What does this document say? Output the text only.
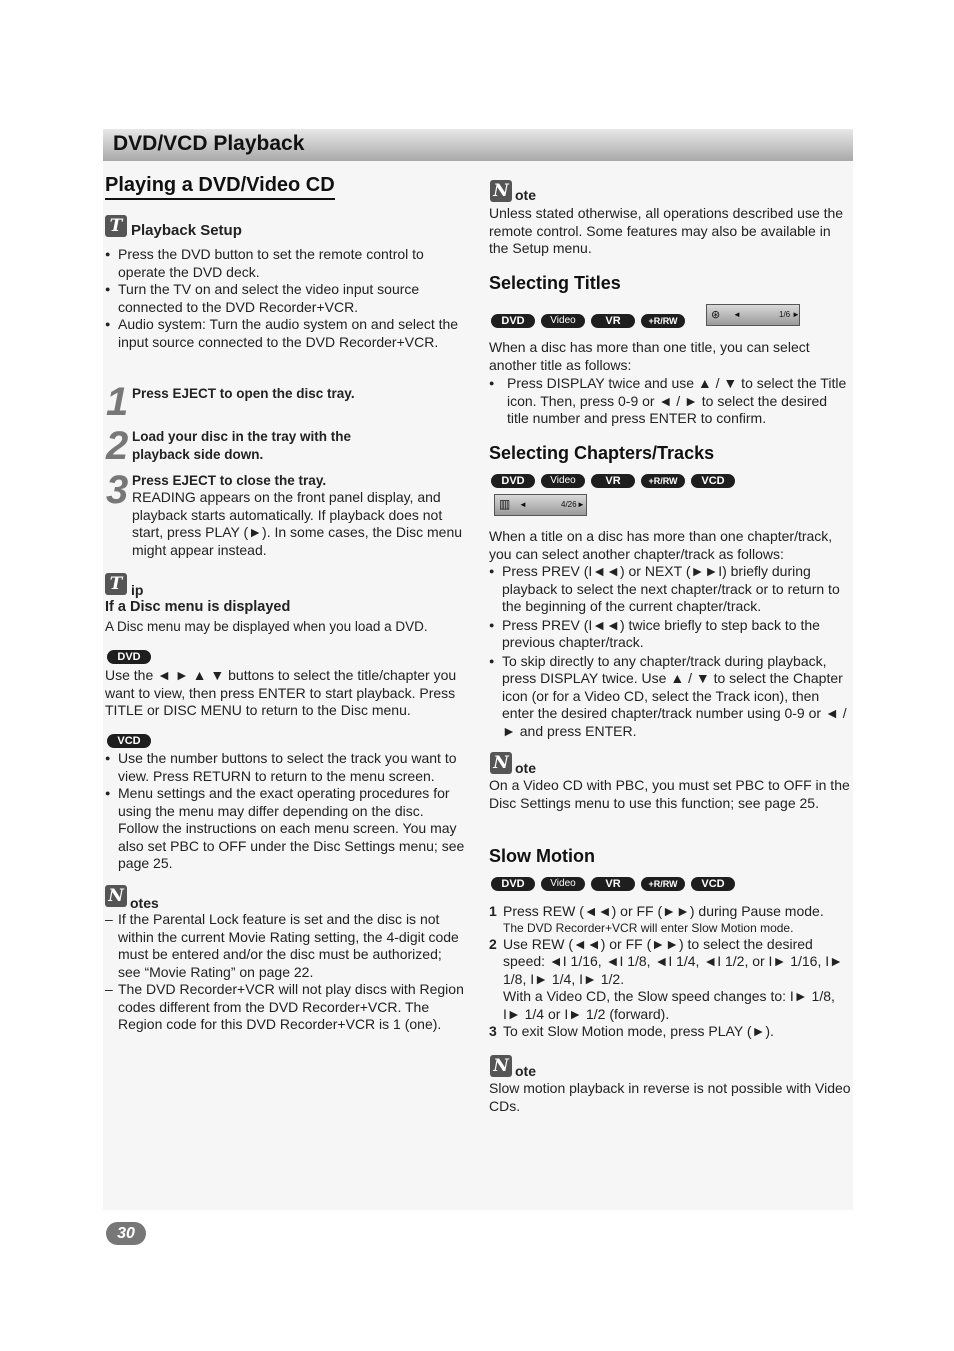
DVD/VCD Playback
Playing a DVD/Video CD
T Playback Setup
● Press the DVD button to set the remote control to operate the DVD deck.
● Turn the TV on and select the video input source connected to the DVD Recorder+VCR.
● Audio system: Turn the audio system on and select the input source connected to the DVD Recorder+VCR.
1 Press EJECT to open the disc tray.
2 Load your disc in the tray with the playback side down.
3 Press EJECT to close the tray.
READING appears on the front panel display, and playback starts automatically. If playback does not start, press PLAY (►). In some cases, the Disc menu might appear instead.
T ip
If a Disc menu is displayed
A Disc menu may be displayed when you load a DVD.
DVD
Use the ◄ ► ▲ ▼ buttons to select the title/chapter you want to view, then press ENTER to start playback. Press TITLE or DISC MENU to return to the Disc menu.
VCD
● Use the number buttons to select the track you want to view. Press RETURN to return to the menu screen.
● Menu settings and the exact operating procedures for using the menu may differ depending on the disc. Follow the instructions on each menu screen. You may also set PBC to OFF under the Disc Settings menu; see page 25.
N otes
– If the Parental Lock feature is set and the disc is not within the current Movie Rating setting, the 4-digit code must be entered and/or the disc must be authorized; see “Movie Rating” on page 22.
– The DVD Recorder+VCR will not play discs with Region codes different from the DVD Recorder+VCR. The Region code for this DVD Recorder+VCR is 1 (one).
N ote
Unless stated otherwise, all operations described use the remote control. Some features may also be available in the Setup menu.
Selecting Titles
DVD	Video	VR	+R/RW	⊛ ◄	1/6 ►
When a disc has more than one title, you can select another title as follows:
● Press DISPLAY twice and use ▲ / ▼ to select the Title icon. Then, press 0-9 or ◄ / ► to select the desired title number and press ENTER to confirm.
Selecting Chapters/Tracks
DVD	Video	VR	+R/RW VCD
▥ ◄	4/26 ►
When a title on a disc has more than one chapter/track, you can select another chapter/track as follows:
● Press PREV (I◄◄) or NEXT (►►I) briefly during playback to select the next chapter/track or to return to the beginning of the current chapter/track.
● Press PREV (I◄◄) twice briefly to step back to the previous chapter/track.
● To skip directly to any chapter/track during playback, press DISPLAY twice. Use ▲ / ▼ to select the Chapter icon (or for a Video CD, select the Track icon), then enter the desired chapter/track number using 0-9 or ◄ / ► and press ENTER.
N ote
On a Video CD with PBC, you must set PBC to OFF in the Disc Settings menu to use this function; see page 25.
Slow Motion
DVD	Video	VR	+R/RW VCD
1 Press REW (◄◄) or FF (►►) during Pause mode.
The DVD Recorder+VCR will enter Slow Motion mode.
2 Use REW (◄◄) or FF (►►) to select the desired speed: ◄I 1/16, ◄I 1/8, ◄I 1/4, ◄I 1/2, or I► 1/16, I► 1/8, I► 1/4, I► 1/2.
With a Video CD, the Slow speed changes to: I► 1/8, I► 1/4 or I► 1/2 (forward).
3 To exit Slow Motion mode, press PLAY (►).
N ote
Slow motion playback in reverse is not possible with Video CDs.
30
